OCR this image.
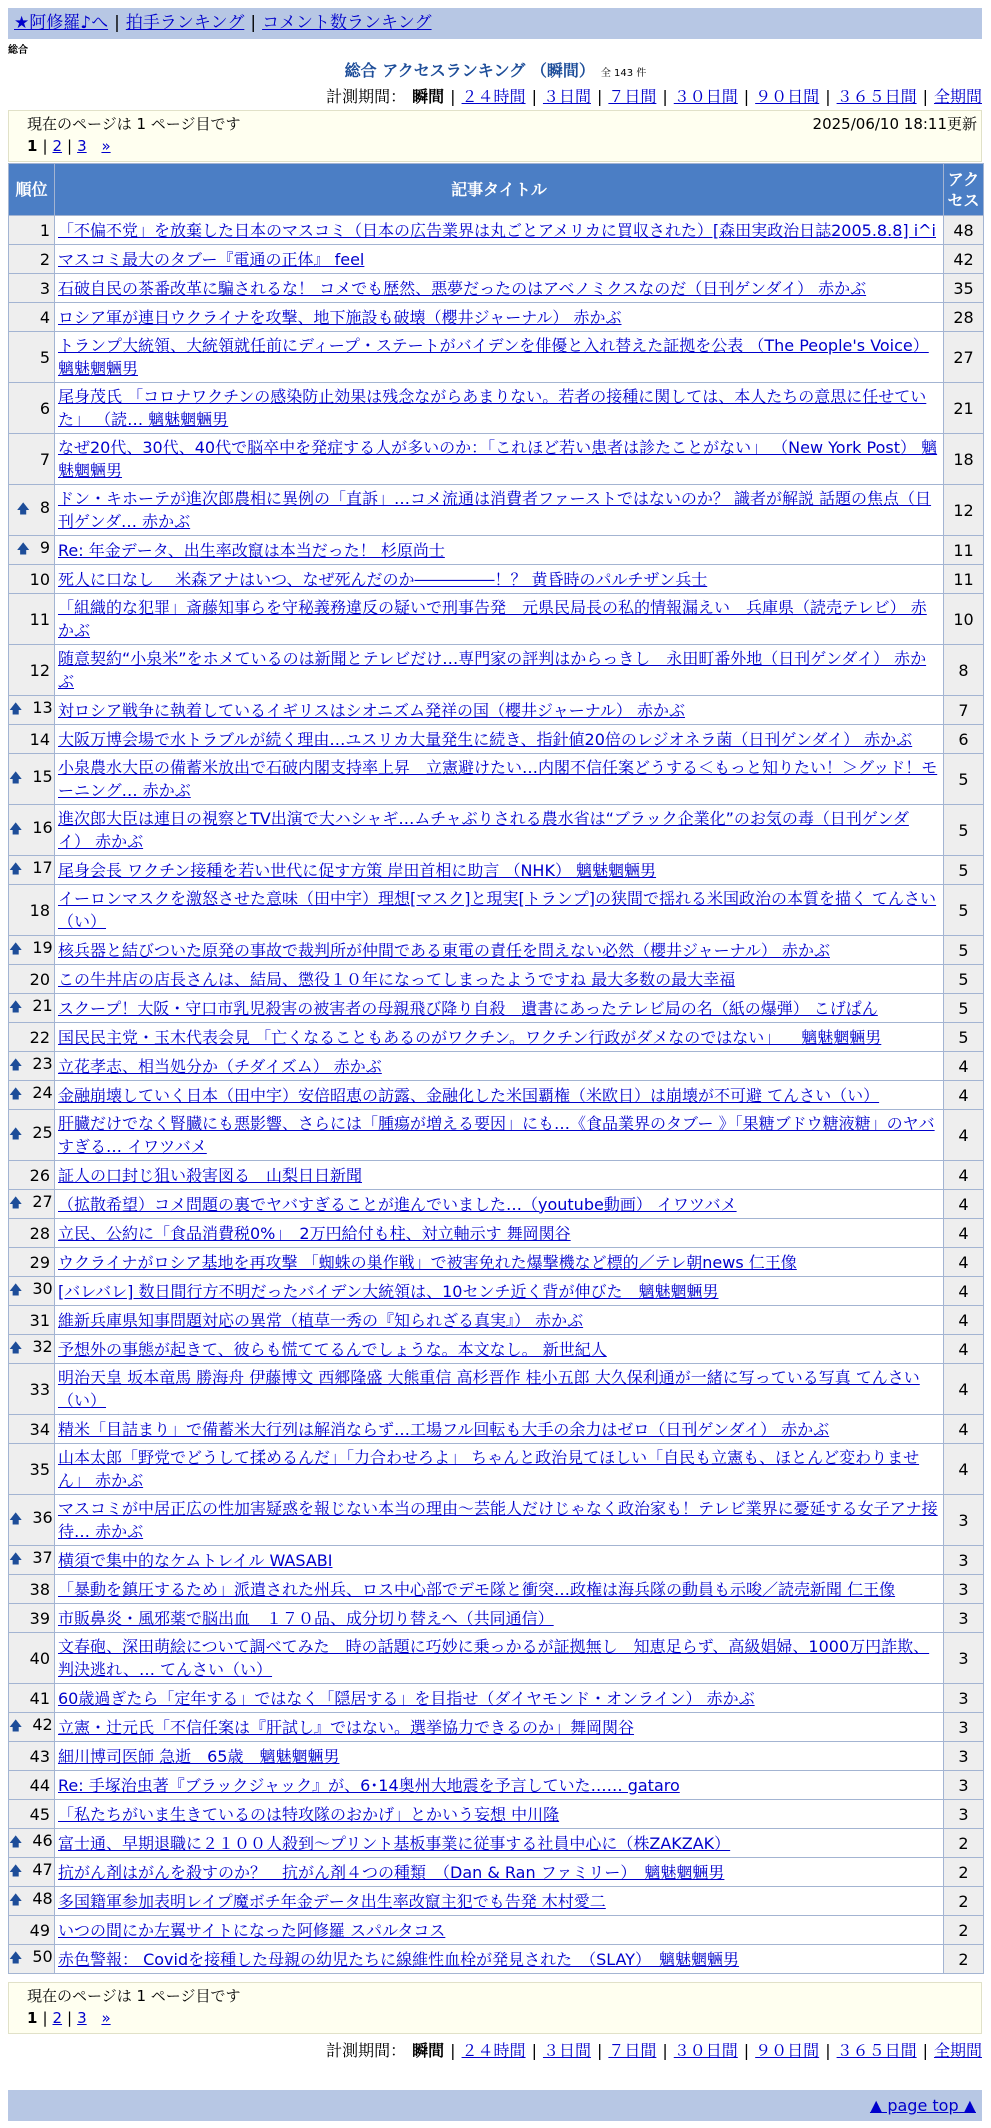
★阿修羅♪へ | 拍手ランキング | コメント数ランキング
総合
総合 アクセスランキング （瞬間） 全 143 件
計測期間： 瞬間 | ２４時間 | ３日間 | ７日間 | ３０日間 | ９０日間 | ３６５日間 | 全期間
現在のページは 1 ページ目です	2025/06/10 18:11更新
1 | 2 | 3 »
順位	記事タイトル	アクセス
1	「不偏不党」を放棄した日本のマスコミ（日本の広告業界は丸ごとアメリカに買収された）[森田実政治日誌2005.8.8] i^i	48
2	マスコミ最大のタブー『電通の正体』 feel	42
3	石破自民の茶番改革に騙されるな！ コメでも歴然、悪夢だったのはアベノミクスなのだ（日刊ゲンダイ） 赤かぶ	35
4	ロシア軍が連日ウクライナを攻撃、地下施設も破壊（櫻井ジャーナル） 赤かぶ	28
5	トランプ大統領、大統領就任前にディープ・ステートがバイデンを俳優と入れ替えた証拠を公表 （The People's Voice） 魑魅魍魎男	27
6	尾身茂氏 「コロナワクチンの感染防止効果は残念ながらあまりない。若者の接種に関しては、本人たちの意思に任せていた」 （読… 魑魅魍魎男	21
7	なぜ20代、30代、40代で脳卒中を発症する人が多いのか：「これほど若い患者は診たことがない」 （New York Post） 魑魅魍魎男	18
🡅 8	ドン・キホーテが進次郎農相に異例の「直訴」…コメ流通は消費者ファーストではないのか？ 識者が解説 話題の焦点（日刊ゲンダ… 赤かぶ	12
🡅 9	Re: 年金データ、出生率改竄は本当だった！ 杉原尚士	11
10	死人に口なし　 米森アナはいつ、なぜ死んだのか―――――！？ 黄昏時のパルチザン兵士	11
11	「組織的な犯罪」斎藤知事らを守秘義務違反の疑いで刑事告発　元県民局長の私的情報漏えい　兵庫県（読売テレビ） 赤かぶ	10
12	随意契約“小泉米”をホメているのは新聞とテレビだけ…専門家の評判はからっきし　永田町番外地（日刊ゲンダイ） 赤かぶ	8
🡅 13	対ロシア戦争に執着しているイギリスはシオニズム発祥の国（櫻井ジャーナル） 赤かぶ	7
14	大阪万博会場で水トラブルが続く理由…ユスリカ大量発生に続き、指針値20倍のレジオネラ菌（日刊ゲンダイ） 赤かぶ	6
🡅 15	小泉農水大臣の備蓄米放出で石破内閣支持率上昇　立憲避けたい…内閣不信任案どうする＜もっと知りたい！＞グッド！モーニング… 赤かぶ	5
🡅 16	進次郎大臣は連日の視察とTV出演で大ハシャギ…ムチャぶりされる農水省は“ブラック企業化”のお気の毒（日刊ゲンダイ） 赤かぶ	5
🡅 17	尾身会長 ワクチン接種を若い世代に促す方策 岸田首相に助言 （NHK） 魑魅魍魎男	5
18	イーロンマスクを激怒させた意味（田中宇）理想[マスク]と現実[トランプ]の狭間で揺れる米国政治の本質を描く てんさい（い）	5
🡅 19	核兵器と結びついた原発の事故で裁判所が仲間である東電の責任を問えない必然（櫻井ジャーナル） 赤かぶ	5
20	この牛丼店の店長さんは、結局、懲役１０年になってしまったようですね 最大多数の最大幸福	5
🡅 21	スクープ！大阪・守口市乳児殺害の被害者の母親飛び降り自殺　遺書にあったテレビ局の名（紙の爆弾） こげぱん	5
22	国民民主党・玉木代表会見 「亡くなることもあるのがワクチン。ワクチン行政がダメなのではない」 　魑魅魍魎男	5
🡅 23	立花孝志、相当処分か（チダイズム） 赤かぶ	4
🡅 24	金融崩壊していく日本（田中宇）安倍昭恵の訪露、金融化した米国覇権（米欧日）は崩壊が不可避 てんさい（い）	4
🡅 25	肝臓だけでなく腎臓にも悪影響、さらには「腫瘍が増える要因」にも…《食品業界のタブー 》「果糖ブドウ糖液糖」のヤバすぎる… イワツバメ	4
26	証人の口封じ狙い殺害図る　山梨日日新聞	4
🡅 27	（拡散希望）コメ問題の裏でヤバすぎることが進んでいました…（youtube動画） イワツバメ	4
28	立民、公約に「食品消費税0%」　2万円給付も柱、対立軸示す 舞岡関谷	4
29	ウクライナがロシア基地を再攻撃 「蜘蛛の巣作戦」で被害免れた爆撃機など標的／テレ朝news 仁王像	4
🡅 30	[バレバレ] 数日間行方不明だったバイデン大統領は、10センチ近く背が伸びた　魑魅魍魎男	4
31	維新兵庫県知事問題対応の異常（植草一秀の『知られざる真実』） 赤かぶ	4
🡅 32	予想外の事態が起きて、彼らも慌ててるんでしょうな。本文なし。 新世紀人	4
33	明治天皇 坂本竜馬 勝海舟 伊藤博文 西郷隆盛 大熊重信 高杉晋作 桂小五郎 大久保利通が一緒に写っている写真 てんさい（い）	4
34	精米「目詰まり」で備蓄米大行列は解消ならず…工場フル回転も大手の余力はゼロ（日刊ゲンダイ） 赤かぶ	4
35	山本太郎「野党でどうして揉めるんだ」「力合わせろよ」 ちゃんと政治見てほしい「自民も立憲も、ほとんど変わりません」 赤かぶ	4
🡅 36	マスコミが中居正広の性加害疑惑を報じない本当の理由〜芸能人だけじゃなく政治家も！テレビ業界に憂延する女子アナ接待… 赤かぶ	3
🡅 37	横須で集中的なケムトレイル WASABI	3
38	「暴動を鎮圧するため」派遣された州兵、ロス中心部でデモ隊と衝突…政権は海兵隊の動員も示唆／読売新聞 仁王像	3
39	市販鼻炎・風邪薬で脳出血　１７０品、成分切り替えへ（共同通信）	3
40	文春砲、深田萌絵について調べてみた　時の話題に巧妙に乗っかるが証拠無し　知恵足らず、高級娼婦、1000万円詐欺、判決逃れ、… てんさい（い）	3
41	60歳過ぎたら「定年する」ではなく「隠居する」を目指せ（ダイヤモンド・オンライン） 赤かぶ	3
🡅 42	立憲・辻元氏「不信任案は『肝試し』ではない。選挙協力できるのか」舞岡関谷	3
43	細川博司医師 急逝　65歳　魑魅魍魎男	3
44	Re: 手塚治虫著『ブラックジャック』が、6･14奥州大地震を予言していた…… gataro	3
45	「私たちがいま生きているのは特攻隊のおかげ」とかいう妄想 中川隆	3
🡅 46	富士通、早期退職に２１００人殺到〜プリント基板事業に従事する社員中心に（株ZAKZAK）	2
🡅 47	抗がん剤はがんを殺すのか？　抗がん剤４つの種類　（Dan & Ran ファミリー）　魑魅魍魎男	2
🡅 48	多国籍軍参加表明レイプ魔ボチ年金データ出生率改竄主犯でも告発 木村愛二	2
49	いつの間にか左翼サイトになった阿修羅 スパルタコス	2
🡅 50	赤色警報： Covidを接種した母親の幼児たちに線維性血栓が発見された　（SLAY）　魑魅魍魎男	2
現在のページは 1 ページ目です
1 | 2 | 3 »
計測期間： 瞬間 | ２４時間 | ３日間 | ７日間 | ３０日間 | ９０日間 | ３６５日間 | 全期間
▲ page top ▲
